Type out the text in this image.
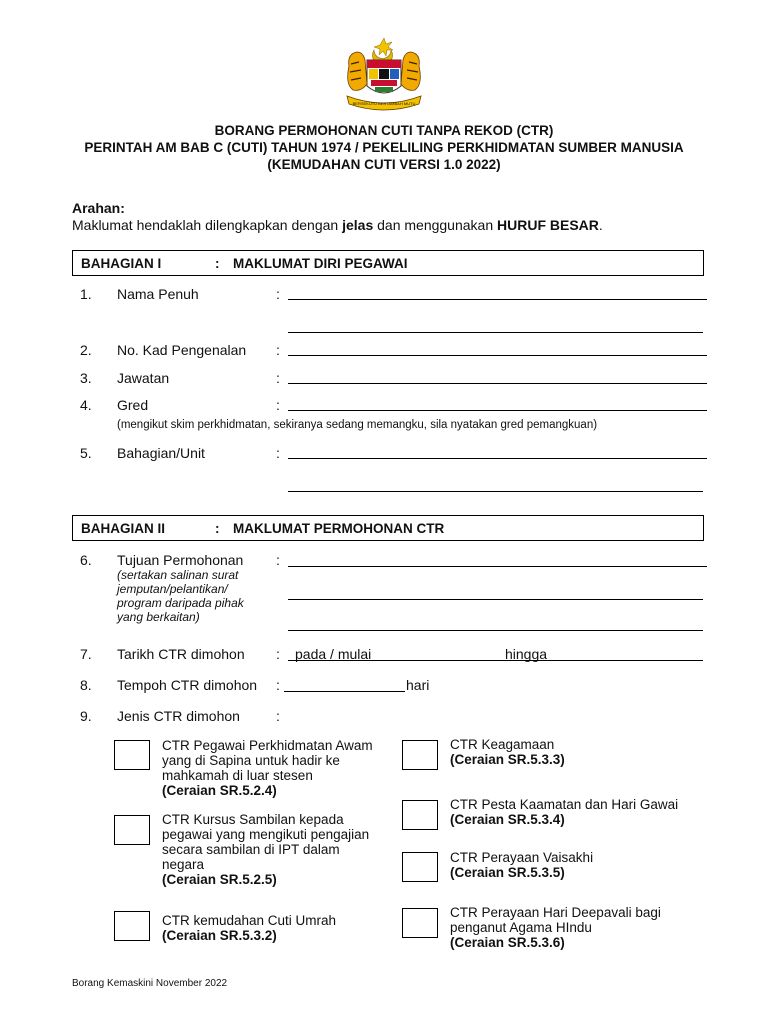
BERSEKUTU BERTAMBAH MUTU
BORANG PERMOHONAN CUTI TANPA REKOD (CTR)
PERINTAH AM BAB C (CUTI) TAHUN 1974 / PEKELILING PERKHIDMATAN SUMBER MANUSIA
(KEMUDAHAN CUTI VERSI 1.0 2022)
Arahan:
Maklumat hendaklah dilengkapkan dengan jelas dan menggunakan HURUF BESAR.
BAHAGIAN I	: MAKLUMAT DIRI PEGAWAI
1. Nama Penuh	:
2. No. Kad Pengenalan :
3. Jawatan	:
4. Gred	:
(mengikut skim perkhidmatan, sekiranya sedang memangku, sila nyatakan gred pemangkuan)
5. Bahagian/Unit	:
BAHAGIAN II	: MAKLUMAT PERMOHONAN CTR
6. Tujuan Permohonan :
(sertakan salinan surat
jemputan/pelantikan/
program daripada pihak
yang berkaitan)
7. Tarikh CTR dimohon : pada / mulai	hingga
8. Tempoh CTR dimohon :	hari
9. Jenis CTR dimohon	:
CTR Pegawai Perkhidmatan Awam
yang di Sapina untuk hadir ke
mahkamah di luar stesen
(Ceraian SR.5.2.4)
CTR Kursus Sambilan kepada
pegawai yang mengikuti pengajian
secara sambilan di IPT dalam
negara
(Ceraian SR.5.2.5)
CTR kemudahan Cuti Umrah
(Ceraian SR.5.3.2)
CTR Keagamaan
(Ceraian SR.5.3.3)
CTR Pesta Kaamatan dan Hari Gawai
(Ceraian SR.5.3.4)
CTR Perayaan Vaisakhi
(Ceraian SR.5.3.5)
CTR Perayaan Hari Deepavali bagi
penganut Agama HIndu
(Ceraian SR.5.3.6)
Borang Kemaskini November 2022
